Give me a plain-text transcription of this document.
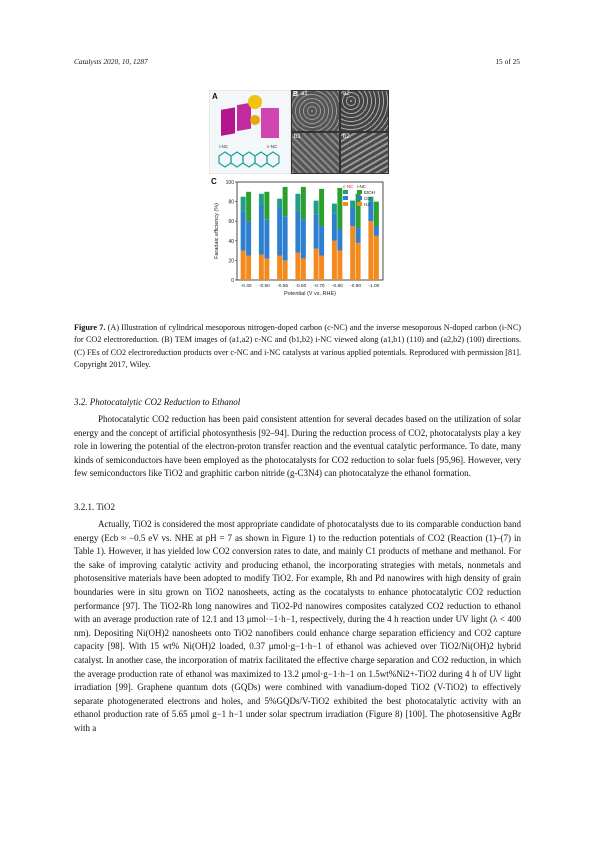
Catalysts 2020, 10, 1287	15 of 25
A
i-NC	c-NC
B a1	a2
b1	b2
C
0
20
40
60
80
100
Faradaic efficiency (%)
-0.40 -0.50 -0.56 -0.60 -0.70 -0.80 -0.90 -1.00
Potential (V vs. RHE)
c-NC i-NC
EtOH
CO
H2
Figure 7. (A) Illustration of cylindrical mesoporous nitrogen-doped carbon (c-NC) and the inverse mesoporous N-doped carbon (i-NC) for CO2 electroreduction. (B) TEM images of (a1,a2) c-NC and (b1,b2) i-NC viewed along (a1,b1) (110) and (a2,b2) (100) directions. (C) FEs of CO2 electroreduction products over c-NC and i-NC catalysts at various applied potentials. Reproduced with permission [81]. Copyright 2017, Wiley.
3.2. Photocatalytic CO2 Reduction to Ethanol
Photocatalytic CO2 reduction has been paid consistent attention for several decades based on the utilization of solar energy and the concept of artificial photosynthesis [92–94]. During the reduction process of CO2, photocatalysts play a key role in lowering the potential of the electron-proton transfer reaction and the eventual catalytic performance. To date, many kinds of semiconductors have been employed as the photocatalysts for CO2 reduction to solar fuels [95,96]. However, very few semiconductors like TiO2 and graphitic carbon nitride (g-C3N4) can photocatalyze the ethanol formation.
3.2.1. TiO2
Actually, TiO2 is considered the most appropriate candidate of photocatalysts due to its comparable conduction band energy (Ecb ≈ −0.5 eV vs. NHE at pH = 7 as shown in Figure 1) to the reduction potentials of CO2 (Reaction (1)–(7) in Table 1). However, it has yielded low CO2 conversion rates to date, and mainly C1 products of methane and methanol. For the sake of improving catalytic activity and producing ethanol, the incorporating strategies with metals, nonmetals and photosensitive materials have been adopted to modify TiO2. For example, Rh and Pd nanowires with high density of grain boundaries were in situ grown on TiO2 nanosheets, acting as the cocatalysts to enhance photocatalytic CO2 reduction performance [97]. The TiO2-Rh long nanowires and TiO2-Pd nanowires composites catalyzed CO2 reduction to ethanol with an average production rate of 12.1 and 13 μmol·−1·h−1, respectively, during the 4 h reaction under UV light (λ < 400 nm). Depositing Ni(OH)2 nanosheets onto TiO2 nanofibers could enhance charge separation efficiency and CO2 capture capacity [98]. With 15 wt% Ni(OH)2 loaded, 0.37 μmol·g−1·h−1 of ethanol was achieved over TiO2/Ni(OH)2 hybrid catalyst. In another case, the incorporation of matrix facilitated the effective charge separation and CO2 reduction, in which the average production rate of ethanol was maximized to 13.2 μmol·g−1·h−1 on 1.5wt%Ni2+-TiO2 during 4 h of UV light irradiation [99]. Graphene quantum dots (GQDs) were combined with vanadium-doped TiO2 (V-TiO2) to effectively separate photogenerated electrons and holes, and 5%GQDs/V-TiO2 exhibited the best photocatalytic activity with an ethanol production rate of 5.65 μmol g−1 h−1 under solar spectrum irradiation (Figure 8) [100]. The photosensitive AgBr with a
